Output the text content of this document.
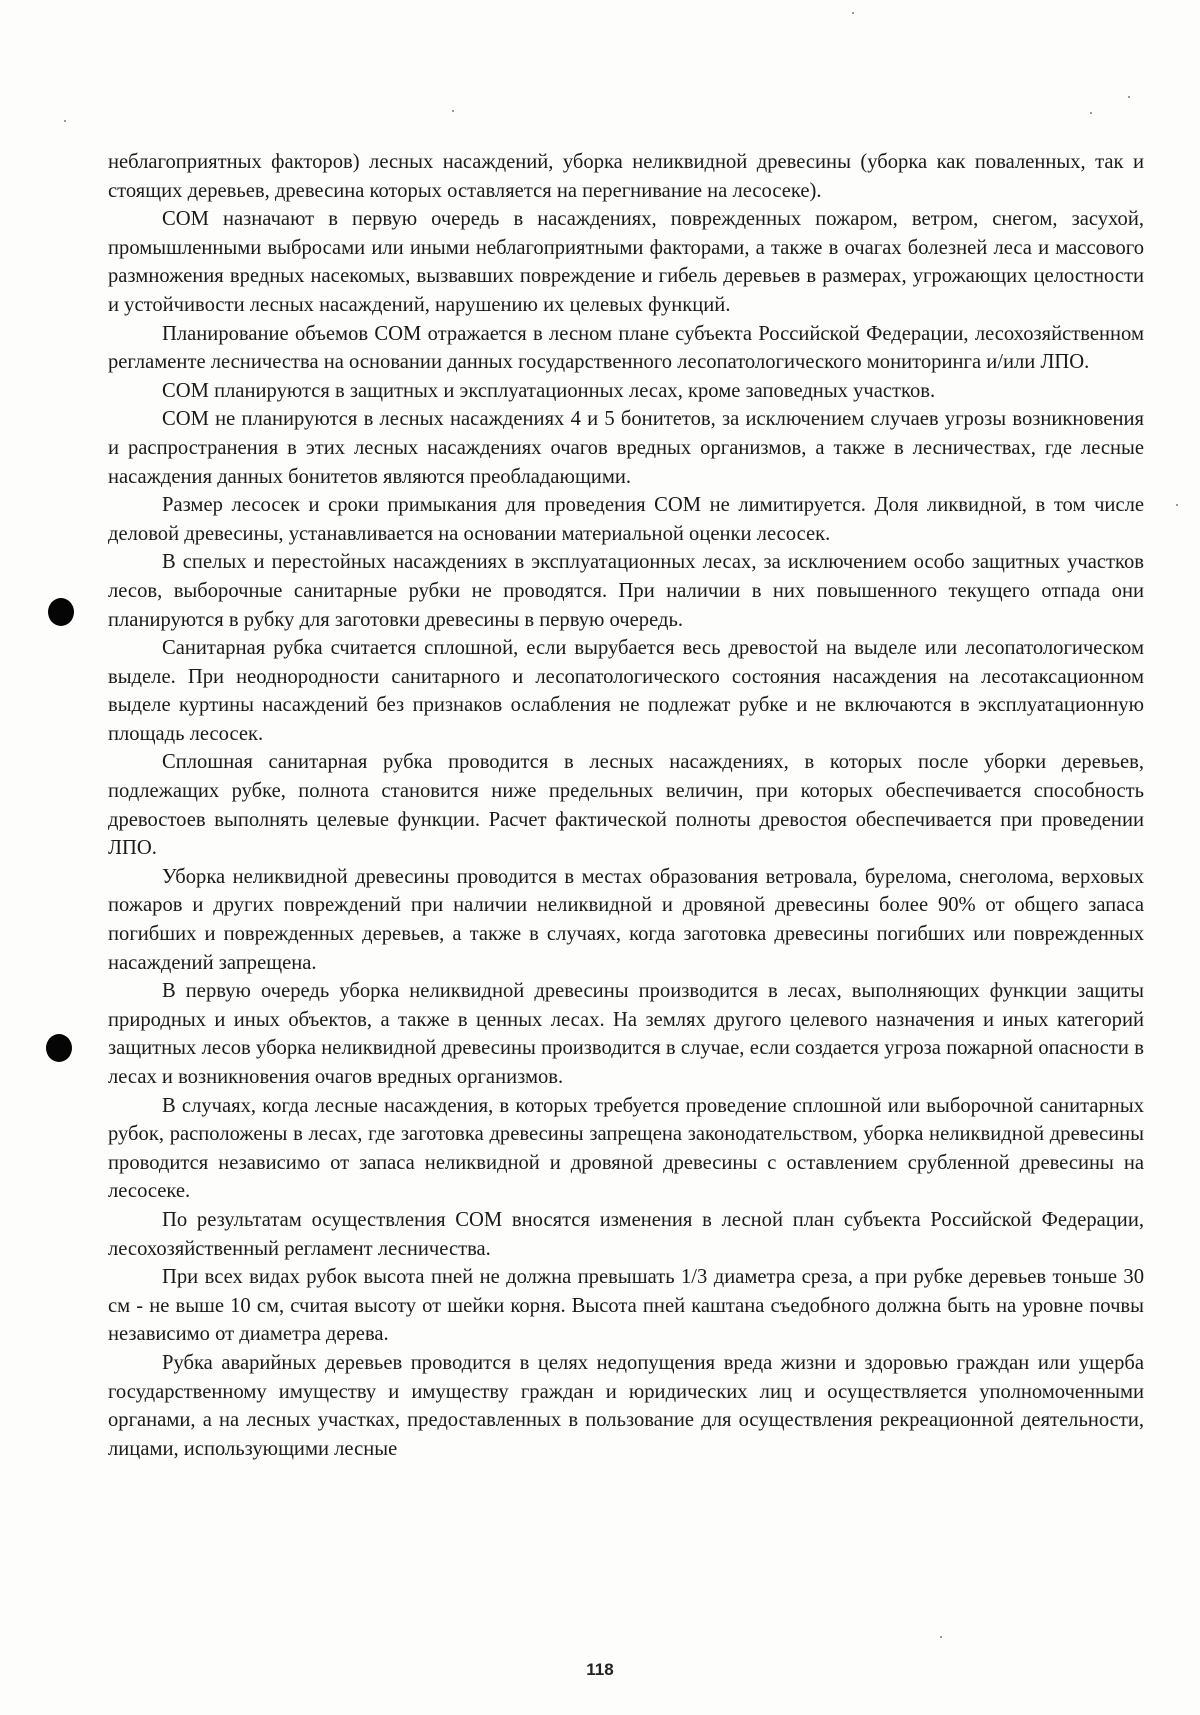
неблагоприятных факторов) лесных насаждений, уборка неликвидной древесины (уборка как поваленных, так и стоящих деревьев, древесина которых оставляется на перегнивание на лесосеке).

СОМ назначают в первую очередь в насаждениях, поврежденных пожаром, ветром, снегом, засухой, промышленными выбросами или иными неблагоприятными факторами, а также в очагах болезней леса и массового размножения вредных насекомых, вызвавших повреждение и гибель деревьев в размерах, угрожающих целостности и устойчивости лесных насаждений, нарушению их целевых функций.

Планирование объемов СОМ отражается в лесном плане субъекта Российской Федерации, лесохозяйственном регламенте лесничества на основании данных государственного лесопатологического мониторинга и/или ЛПО.

СОМ планируются в защитных и эксплуатационных лесах, кроме заповедных участков.

СОМ не планируются в лесных насаждениях 4 и 5 бонитетов, за исключением случаев угрозы возникновения и распространения в этих лесных насаждениях очагов вредных организмов, а также в лесничествах, где лесные насаждения данных бонитетов являются преобладающими.

Размер лесосек и сроки примыкания для проведения СОМ не лимитируется. Доля ликвидной, в том числе деловой древесины, устанавливается на основании материальной оценки лесосек.

В спелых и перестойных насаждениях в эксплуатационных лесах, за исключением особо защитных участков лесов, выборочные санитарные рубки не проводятся. При наличии в них повышенного текущего отпада они планируются в рубку для заготовки древесины в первую очередь.

Санитарная рубка считается сплошной, если вырубается весь древостой на выделе или лесопатологическом выделе. При неоднородности санитарного и лесопатологического состояния насаждения на лесотаксационном выделе куртины насаждений без признаков ослабления не подлежат рубке и не включаются в эксплуатационную площадь лесосек.

Сплошная санитарная рубка проводится в лесных насаждениях, в которых после уборки деревьев, подлежащих рубке, полнота становится ниже предельных величин, при которых обеспечивается способность древостоев выполнять целевые функции. Расчет фактической полноты древостоя обеспечивается при проведении ЛПО.

Уборка неликвидной древесины проводится в местах образования ветровала, бурелома, снеголома, верховых пожаров и других повреждений при наличии неликвидной и дровяной древесины более 90% от общего запаса погибших и поврежденных деревьев, а также в случаях, когда заготовка древесины погибших или поврежденных насаждений запрещена.

В первую очередь уборка неликвидной древесины производится в лесах, выполняющих функции защиты природных и иных объектов, а также в ценных лесах. На землях другого целевого назначения и иных категорий защитных лесов уборка неликвидной древесины производится в случае, если создается угроза пожарной опасности в лесах и возникновения очагов вредных организмов.

В случаях, когда лесные насаждения, в которых требуется проведение сплошной или выборочной санитарных рубок, расположены в лесах, где заготовка древесины запрещена законодательством, уборка неликвидной древесины проводится независимо от запаса неликвидной и дровяной древесины с оставлением срубленной древесины на лесосеке.

По результатам осуществления СОМ вносятся изменения в лесной план субъекта Российской Федерации, лесохозяйственный регламент лесничества.

При всех видах рубок высота пней не должна превышать 1/3 диаметра среза, а при рубке деревьев тоньше 30 см - не выше 10 см, считая высоту от шейки корня. Высота пней каштана съедобного должна быть на уровне почвы независимо от диаметра дерева.

Рубка аварийных деревьев проводится в целях недопущения вреда жизни и здоровью граждан или ущерба государственному имуществу и имуществу граждан и юридических лиц и осуществляется уполномоченными органами, а на лесных участках, предоставленных в пользование для осуществления рекреационной деятельности, лицами, использующими лесные

118
